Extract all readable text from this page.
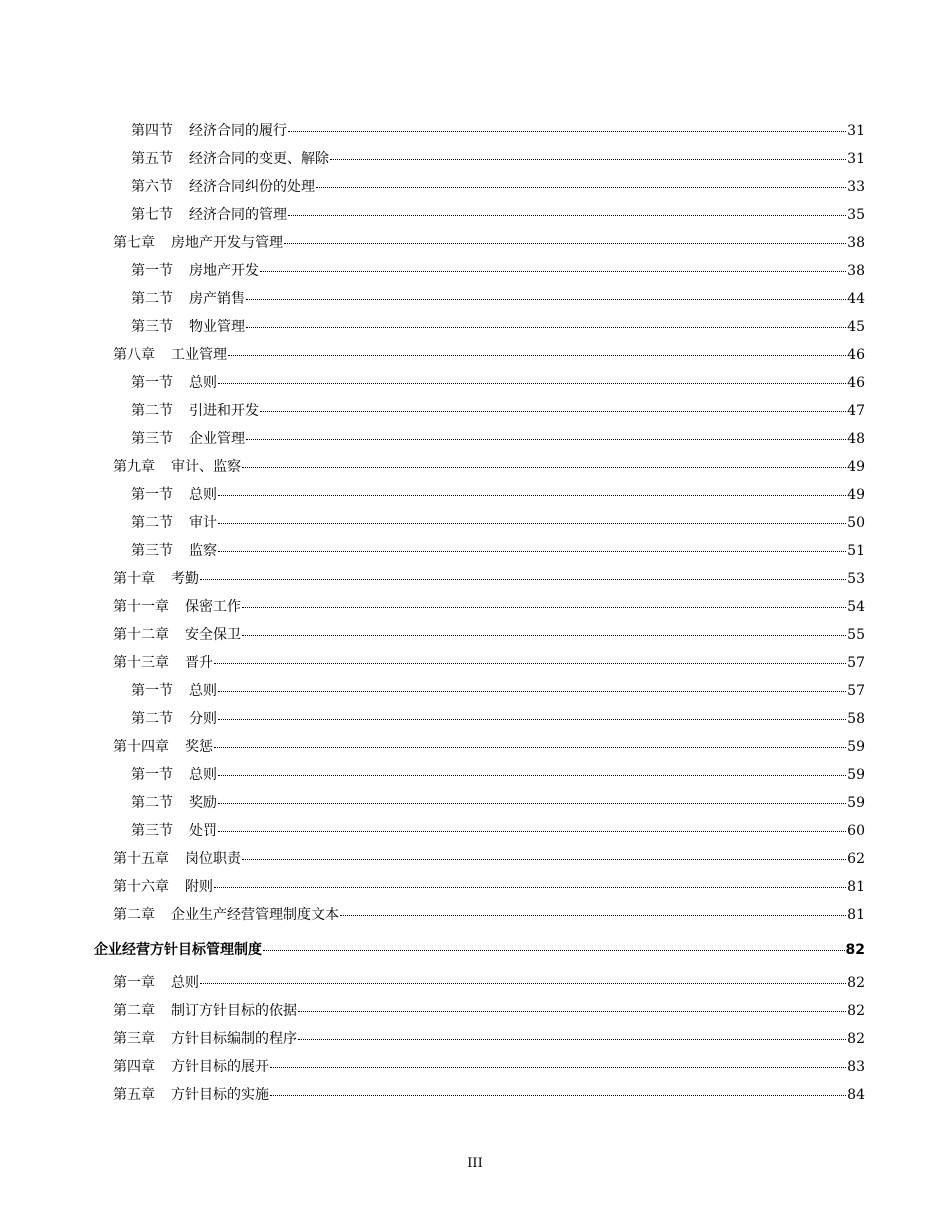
第四节 经济合同的履行	31
第五节 经济合同的变更、解除	31
第六节 经济合同纠份的处理	33
第七节 经济合同的管理	35
第七章 房地产开发与管理	38
第一节 房地产开发	38
第二节 房产销售	44
第三节 物业管理	45
第八章 工业管理	46
第一节 总则	46
第二节 引进和开发	47
第三节 企业管理	48
第九章 审计、监察	49
第一节 总则	49
第二节 审计	50
第三节 监察	51
第十章 考勤	53
第十一章 保密工作	54
第十二章 安全保卫	55
第十三章 晋升	57
第一节 总则	57
第二节 分则	58
第十四章 奖惩	59
第一节 总则	59
第二节 奖励	59
第三节 处罚	60
第十五章 岗位职责	62
第十六章 附则	81
第二章 企业生产经营管理制度文本	81
企业经营方针目标管理制度	82
第一章 总则	82
第二章 制订方针目标的依据	82
第三章 方针目标编制的程序	82
第四章 方针目标的展开	83
第五章 方针目标的实施	84
III
